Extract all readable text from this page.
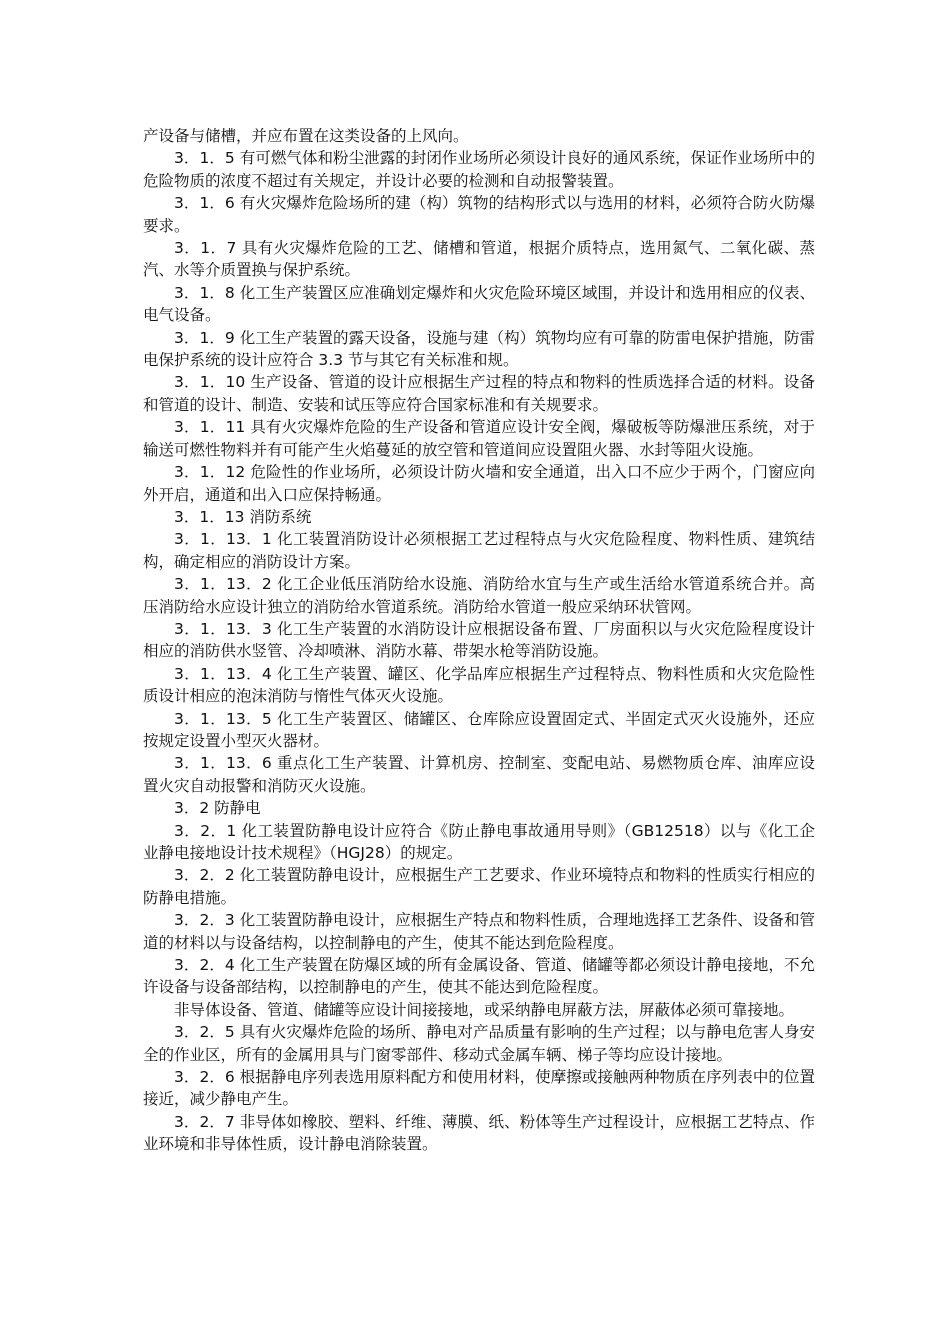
产设备与储槽，并应布置在这类设备的上风向。

3．1．5 有可燃气体和粉尘泄露的封闭作业场所必须设计良好的通风系统，保证作业场所中的危险物质的浓度不超过有关规定，并设计必要的检测和自动报警装置。

3．1．6 有火灾爆炸危险场所的建（构）筑物的结构形式以与选用的材料，必须符合防火防爆要求。

3．1．7 具有火灾爆炸危险的工艺、储槽和管道，根据介质特点，选用氮气、二氧化碳、蒸汽、水等介质置换与保护系统。

3．1．8 化工生产装置区应准确划定爆炸和火灾危险环境区域围，并设计和选用相应的仪表、电气设备。

3．1．9 化工生产装置的露天设备，设施与建（构）筑物均应有可靠的防雷电保护措施，防雷电保护系统的设计应符合 3.3 节与其它有关标准和规。

3．1．10 生产设备、管道的设计应根据生产过程的特点和物料的性质选择合适的材料。设备和管道的设计、制造、安装和试压等应符合国家标准和有关规要求。

3．1．11 具有火灾爆炸危险的生产设备和管道应设计安全阀，爆破板等防爆泄压系统，对于输送可燃性物料并有可能产生火焰蔓延的放空管和管道间应设置阻火器、水封等阻火设施。

3．1．12 危险性的作业场所，必须设计防火墙和安全通道，出入口不应少于两个，门窗应向外开启，通道和出入口应保持畅通。

3．1．13 消防系统

3．1．13．1 化工装置消防设计必须根据工艺过程特点与火灾危险程度、物料性质、建筑结构，确定相应的消防设计方案。

3．1．13．2 化工企业低压消防给水设施、消防给水宜与生产或生活给水管道系统合并。高压消防给水应设计独立的消防给水管道系统。消防给水管道一般应采纳环状管网。

3．1．13．3 化工生产装置的水消防设计应根据设备布置、厂房面积以与火灾危险程度设计相应的消防供水竖管、冷却喷淋、消防水幕、带架水枪等消防设施。

3．1．13．4 化工生产装置、罐区、化学品库应根据生产过程特点、物料性质和火灾危险性质设计相应的泡沫消防与惰性气体灭火设施。

3．1．13．5 化工生产装置区、储罐区、仓库除应设置固定式、半固定式灭火设施外，还应按规定设置小型灭火器材。

3．1．13．6 重点化工生产装置、计算机房、控制室、变配电站、易燃物质仓库、油库应设置火灾自动报警和消防灭火设施。

3．2 防静电

3．2．1 化工装置防静电设计应符合《防止静电事故通用导则》（GB12518）以与《化工企业静电接地设计技术规程》（HGJ28）的规定。

3．2．2 化工装置防静电设计，应根据生产工艺要求、作业环境特点和物料的性质实行相应的防静电措施。

3．2．3 化工装置防静电设计，应根据生产特点和物料性质，合理地选择工艺条件、设备和管道的材料以与设备结构，以控制静电的产生，使其不能达到危险程度。

3．2．4 化工生产装置在防爆区域的所有金属设备、管道、储罐等都必须设计静电接地，不允许设备与设备部结构，以控制静电的产生，使其不能达到危险程度。

非导体设备、管道、储罐等应设计间接接地，或采纳静电屏蔽方法，屏蔽体必须可靠接地。

3．2．5 具有火灾爆炸危险的场所、静电对产品质量有影响的生产过程；以与静电危害人身安全的作业区，所有的金属用具与门窗零部件、移动式金属车辆、梯子等均应设计接地。

3．2．6 根据静电序列表选用原料配方和使用材料，使摩擦或接触两种物质在序列表中的位置接近，减少静电产生。

3．2．7 非导体如橡胶、塑料、纤维、薄膜、纸、粉体等生产过程设计，应根据工艺特点、作业环境和非导体性质，设计静电消除装置。
